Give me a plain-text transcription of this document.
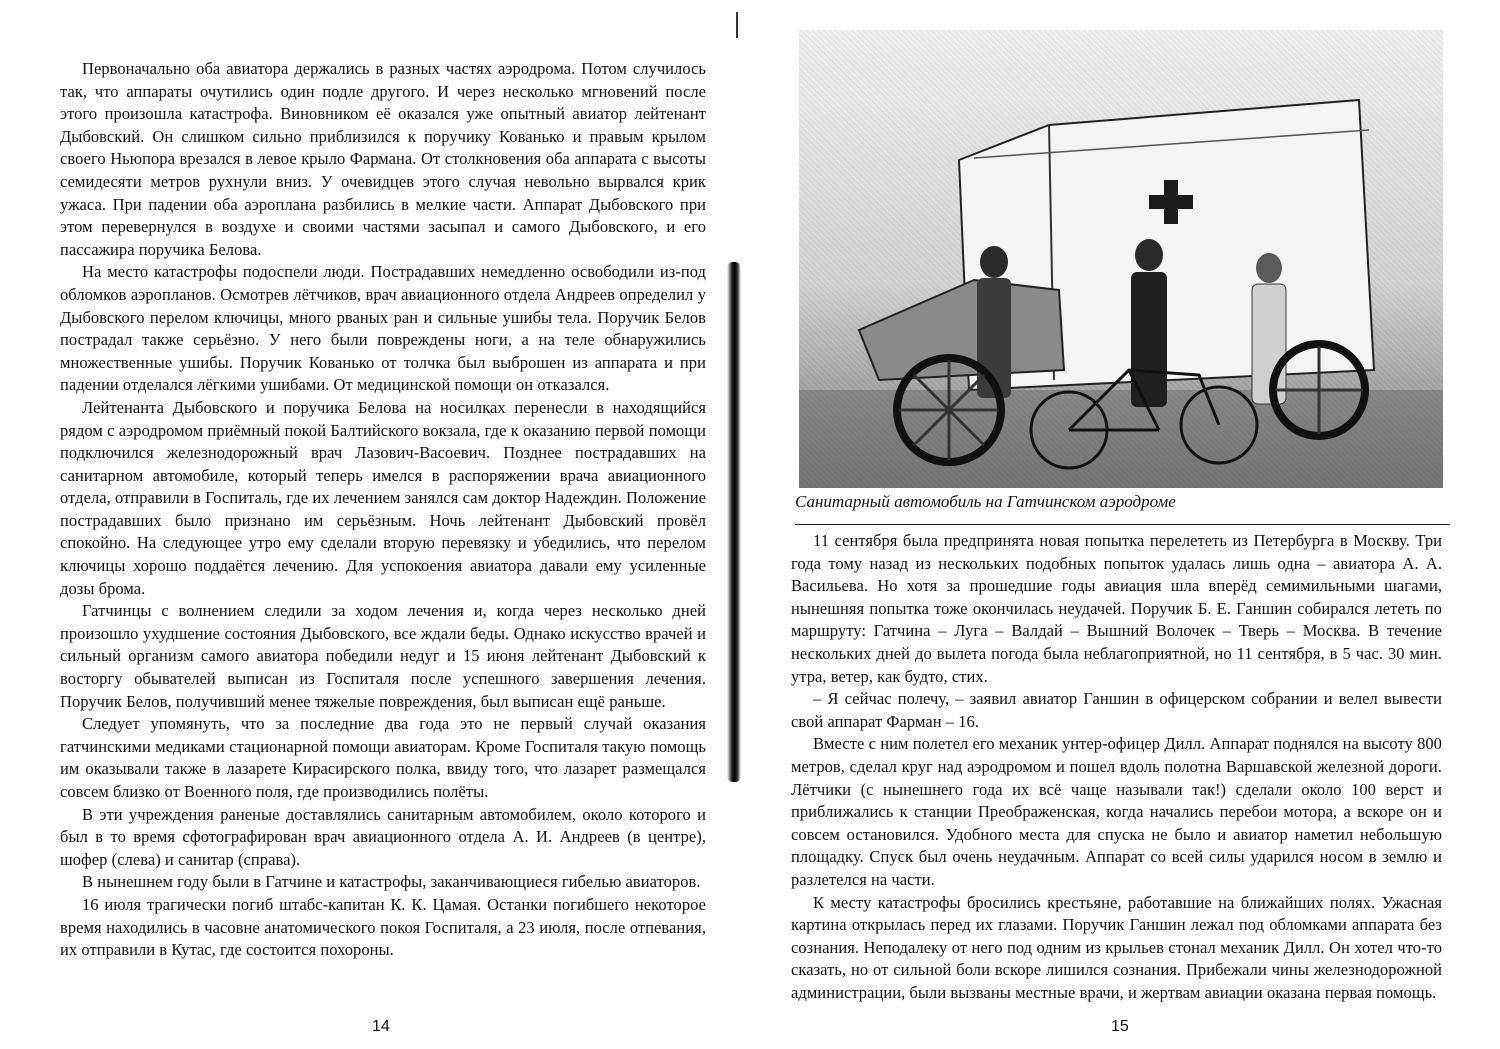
Первоначально оба авиатора держались в разных частях аэродрома. Потом случилось так, что аппараты очутились один подле другого. И через несколько мгновений после этого произошла катастрофа. Виновником её оказался уже опытный авиатор лейтенант Дыбовский. Он слишком сильно приблизился к поручику Кованько и правым крылом своего Ньюпора врезался в левое крыло Фармана. От столкновения оба аппарата с высоты семидесяти метров рухнули вниз. У очевидцев этого случая невольно вырвался крик ужаса. При падении оба аэроплана разбились в мелкие части. Аппарат Дыбовского при этом перевернулся в воздухе и своими частями засыпал и самого Дыбовского, и его пассажира поручика Белова.

На место катастрофы подоспели люди. Пострадавших немедленно освободили из-под обломков аэропланов. Осмотрев лётчиков, врач авиационного отдела Андреев определил у Дыбовского перелом ключицы, много рваных ран и сильные ушибы тела. Поручик Белов пострадал также серьёзно. У него были повреждены ноги, а на теле обнаружились множественные ушибы. Поручик Кованько от толчка был выброшен из аппарата и при падении отделался лёгкими ушибами. От медицинской помощи он отказался.

Лейтенанта Дыбовского и поручика Белова на носилках перенесли в находящийся рядом с аэродромом приёмный покой Балтийского вокзала, где к оказанию первой помощи подключился железнодорожный врач Лазович-Васоевич. Позднее пострадавших на санитарном автомобиле, который теперь имелся в распоряжении врача авиационного отдела, отправили в Госпиталь, где их лечением занялся сам доктор Надеждин. Положение пострадавших было признано им серьёзным. Ночь лейтенант Дыбовский провёл спокойно. На следующее утро ему сделали вторую перевязку и убедились, что перелом ключицы хорошо поддаётся лечению. Для успокоения авиатора давали ему усиленные дозы брома.

Гатчинцы с волнением следили за ходом лечения и, когда через несколько дней произошло ухудшение состояния Дыбовского, все ждали беды. Однако искусство врачей и сильный организм самого авиатора победили недуг и 15 июня лейтенант Дыбовский к восторгу обывателей выписан из Госпиталя после успешного завершения лечения. Поручик Белов, получивший менее тяжелые повреждения, был выписан ещё раньше.

Следует упомянуть, что за последние два года это не первый случай оказания гатчинскими медиками стационарной помощи авиаторам. Кроме Госпиталя такую помощь им оказывали также в лазарете Кирасирского полка, ввиду того, что лазарет размещался совсем близко от Военного поля, где производились полёты.

В эти учреждения раненые доставлялись санитарным автомобилем, около которого и был в то время сфотографирован врач авиационного отдела А. И. Андреев (в центре), шофер (слева) и санитар (справа).

В нынешнем году были в Гатчине и катастрофы, заканчивающиеся гибелью авиаторов.

16 июля трагически погиб штабс-капитан К. К. Цамая. Останки погибшего некоторое время находились в часовне анатомического покоя Госпиталя, а 23 июля, после отпевания, их отправили в Кутас, где состоится похороны.

14
Санитарный автомобиль на Гатчинском аэродроме

11 сентября была предпринята новая попытка перелететь из Петербурга в Москву. Три года тому назад из нескольких подобных попыток удалась лишь одна – авиатора А. А. Васильева. Но хотя за прошедшие годы авиация шла вперёд семимильными шагами, нынешняя попытка тоже окончилась неудачей. Поручик Б. Е. Ганшин собирался лететь по маршруту: Гатчина – Луга – Валдай – Вышний Волочек – Тверь – Москва. В течение нескольких дней до вылета погода была неблагоприятной, но 11 сентября, в 5 час. 30 мин. утра, ветер, как будто, стих.

– Я сейчас полечу, – заявил авиатор Ганшин в офицерском собрании и велел вывести свой аппарат Фарман – 16.

Вместе с ним полетел его механик унтер-офицер Дилл. Аппарат поднялся на высоту 800 метров, сделал круг над аэродромом и пошел вдоль полотна Варшавской железной дороги. Лётчики (с нынешнего года их всё чаще называли так!) сделали около 100 верст и приближались к станции Преображенская, когда начались перебои мотора, а вскоре он и совсем остановился. Удобного места для спуска не было и авиатор наметил небольшую площадку. Спуск был очень неудачным. Аппарат со всей силы ударился носом в землю и разлетелся на части.

К месту катастрофы бросились крестьяне, работавшие на ближайших полях. Ужасная картина открылась перед их глазами. Поручик Ганшин лежал под обломками аппарата без сознания. Неподалеку от него под одним из крыльев стонал механик Дилл. Он хотел что-то сказать, но от сильной боли вскоре лишился сознания. Прибежали чины железнодорожной администрации, были вызваны местные врачи, и жертвам авиации оказана первая помощь.

15
